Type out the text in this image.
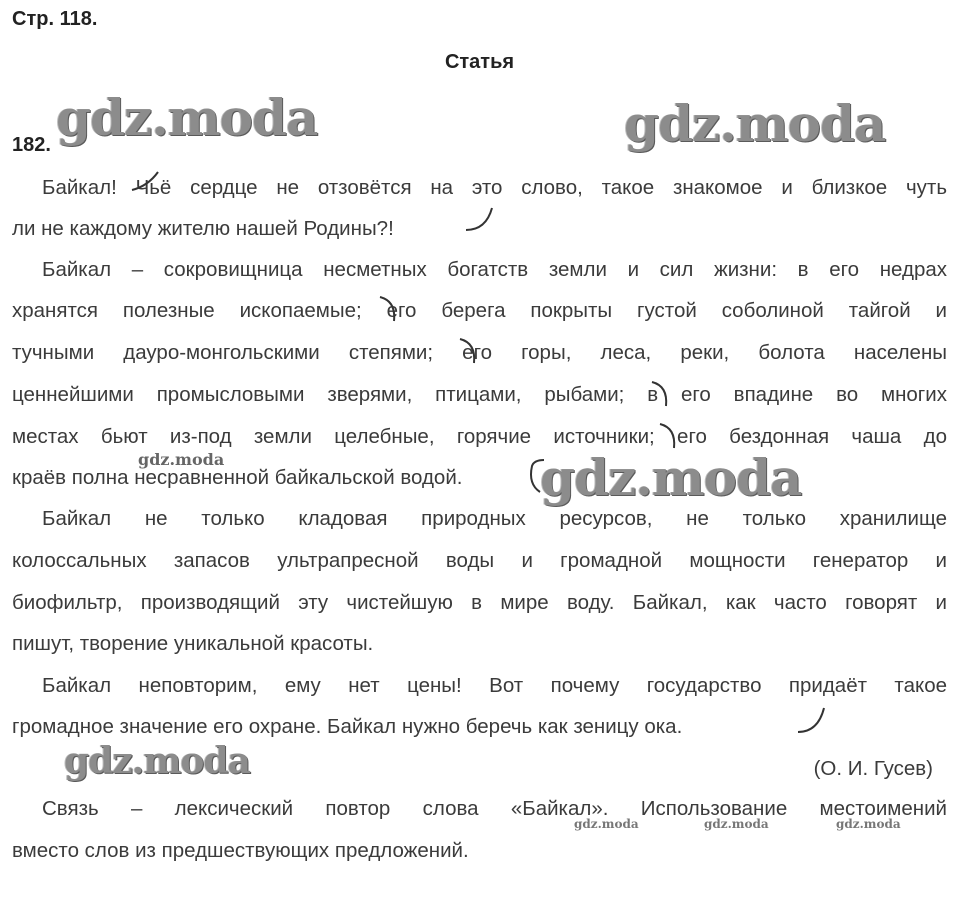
Стр. 118.
Статья
182.
Байкал! Чьё сердце не отзовётся на это слово, такое знакомое и близкое чуть
ли не каждому жителю нашей Родины?!
Байкал – сокровищница несметных богатств земли и сил жизни: в его недрах
хранятся полезные ископаемые; его берега покрыты густой соболиной тайгой и
тучными дауро-монгольскими степями; его горы, леса, реки, болота населены
ценнейшими промысловыми зверями, птицами, рыбами; в его впадине во многих
местах бьют из-под земли целебные, горячие источники; его бездонная чаша до
краёв полна несравненной байкальской водой.
Байкал не только кладовая природных ресурсов, не только хранилище
колоссальных запасов ультрапресной воды и громадной мощности генератор и
биофильтр, производящий эту чистейшую в мире воду. Байкал, как часто говорят и
пишут, творение уникальной красоты.
Байкал неповторим, ему нет цены! Вот почему государство придаёт такое
громадное значение его охране. Байкал нужно беречь как зеницу ока.
(О. И. Гусев)
Связь – лексический повтор слова «Байкал». Использование местоимений
вместо слов из предшествующих предложений.
gdz.moda	gdz.moda
gdz.moda
gdz.moda
gdz.moda
gdz.moda	gdz.moda	gdz.moda
